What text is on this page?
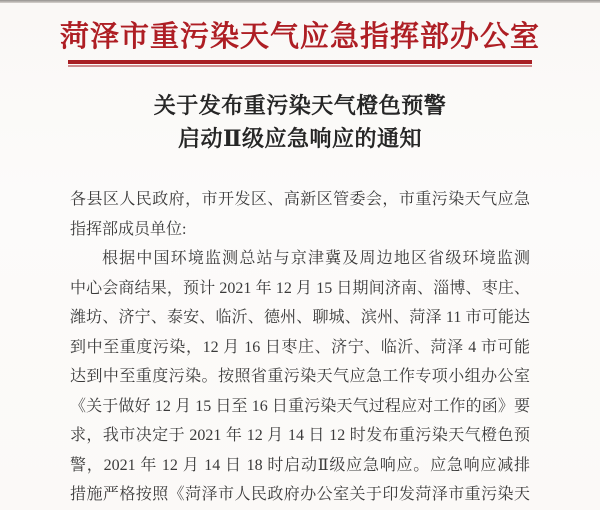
菏泽市重污染天气应急指挥部办公室
关于发布重污染天气橙色预警
启动Ⅱ级应急响应的通知
各县区人民政府，市开发区、高新区管委会，市重污染天气应急
指挥部成员单位:
根据中国环境监测总站与京津冀及周边地区省级环境监测
中心会商结果，预计 2021 年 12 月 15 日期间济南、淄博、枣庄、
潍坊、济宁、泰安、临沂、德州、聊城、滨州、菏泽 11 市可能达
到中至重度污染，12 月 16 日枣庄、济宁、临沂、菏泽 4 市可能
达到中至重度污染。按照省重污染天气应急工作专项小组办公室
《关于做好 12 月 15 日至 16 日重污染天气过程应对工作的函》要
求，我市决定于 2021 年 12 月 14 日 12 时发布重污染天气橙色预
警，2021 年 12 月 14 日 18 时启动Ⅱ级应急响应。应急响应减排
措施严格按照《菏泽市人民政府办公室关于印发菏泽市重污染天
